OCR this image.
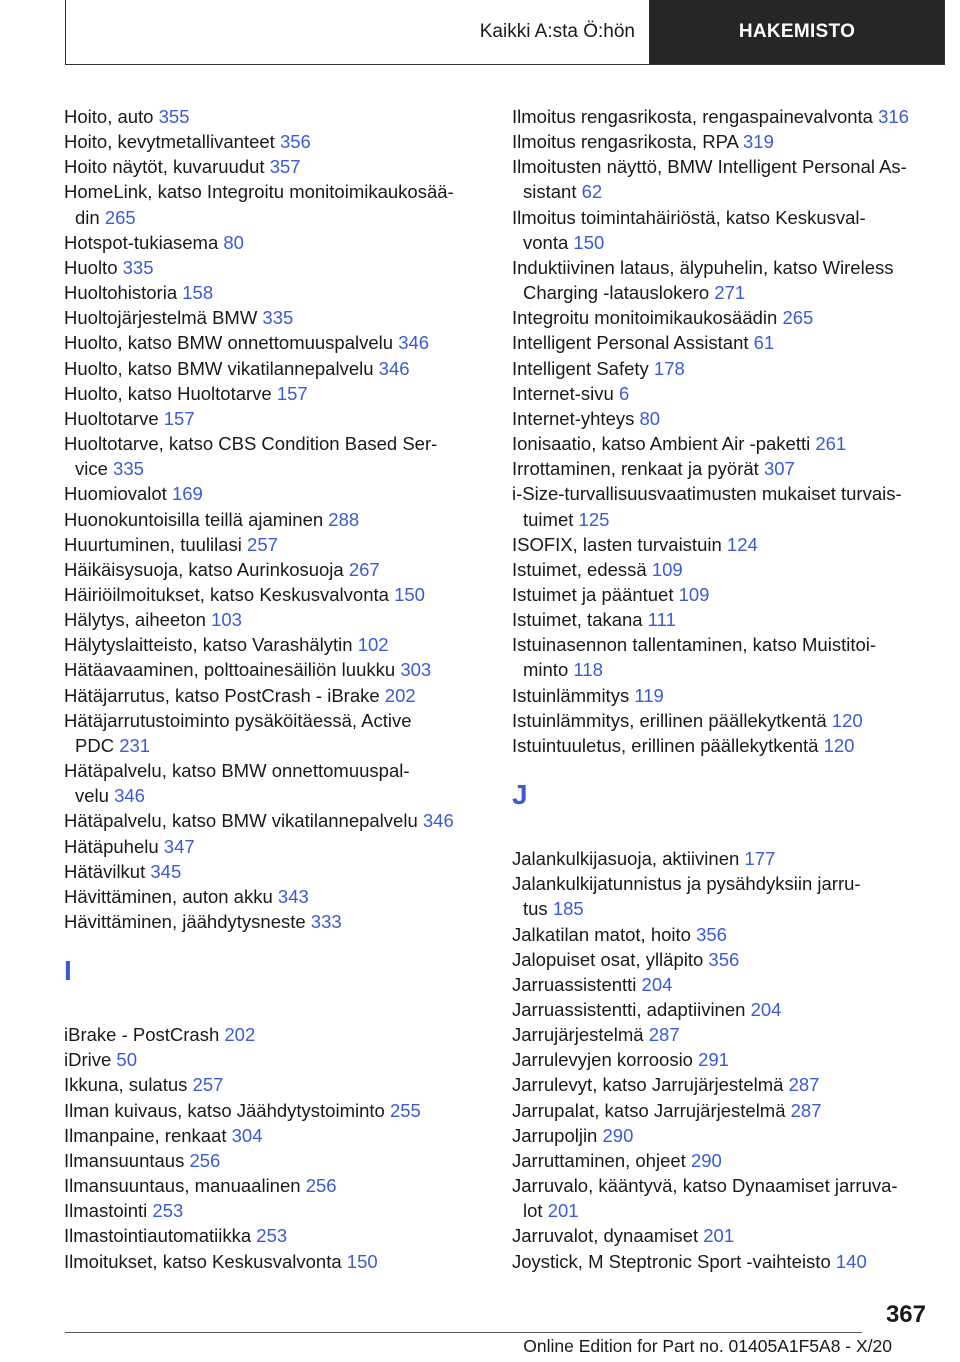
Kaikki A:sta Ö:hön	HAKEMISTO
Hoito, auto 355
Hoito, kevytmetallivanteet 356
Hoito näytöt, kuvaruudut 357
HomeLink, katso Integroitu monitoimikaukosää-
din 265
Hotspot-tukiasema 80
Huolto 335
Huoltohistoria 158
Huoltojärjestelmä BMW 335
Huolto, katso BMW onnettomuuspalvelu 346
Huolto, katso BMW vikatilannepalvelu 346
Huolto, katso Huoltotarve 157
Huoltotarve 157
Huoltotarve, katso CBS Condition Based Ser-
vice 335
Huomiovalot 169
Huonokuntoisilla teillä ajaminen 288
Huurtuminen, tuulilasi 257
Häikäisysuoja, katso Aurinkosuoja 267
Häiriöilmoitukset, katso Keskusvalvonta 150
Hälytys, aiheeton 103
Hälytyslaitteisto, katso Varashälytin 102
Hätäavaaminen, polttoainesäiliön luukku 303
Hätäjarrutus, katso PostCrash - iBrake 202
Hätäjarrutustoiminto pysäköitäessä, Active
PDC 231
Hätäpalvelu, katso BMW onnettomuuspal-
velu 346
Hätäpalvelu, katso BMW vikatilannepalvelu 346
Hätäpuhelu 347
Hätävilkut 345
Hävittäminen, auton akku 343
Hävittäminen, jäähdytysneste 333
I
iBrake - PostCrash 202
iDrive 50
Ikkuna, sulatus 257
Ilman kuivaus, katso Jäähdytystoiminto 255
Ilmanpaine, renkaat 304
Ilmansuuntaus 256
Ilmansuuntaus, manuaalinen 256
Ilmastointi 253
Ilmastointiautomatiikka 253
Ilmoitukset, katso Keskusvalvonta 150
Ilmoitus rengasrikosta, rengaspainevalvonta 316
Ilmoitus rengasrikosta, RPA 319
Ilmoitusten näyttö, BMW Intelligent Personal As-
sistant 62
Ilmoitus toimintahäiriöstä, katso Keskusval-
vonta 150
Induktiivinen lataus, älypuhelin, katso Wireless
Charging -latauslokero 271
Integroitu monitoimikaukosäädin 265
Intelligent Personal Assistant 61
Intelligent Safety 178
Internet-sivu 6
Internet-yhteys 80
Ionisaatio, katso Ambient Air -paketti 261
Irrottaminen, renkaat ja pyörät 307
i-Size-turvallisuusvaatimusten mukaiset turvais-
tuimet 125
ISOFIX, lasten turvaistuin 124
Istuimet, edessä 109
Istuimet ja pääntuet 109
Istuimet, takana 111
Istuinasennon tallentaminen, katso Muistitoi-
minto 118
Istuinlämmitys 119
Istuinlämmitys, erillinen päällekytkentä 120
Istuintuuletus, erillinen päällekytkentä 120
J
Jalankulkijasuoja, aktiivinen 177
Jalankulkijatunnistus ja pysähdyksiin jarru-
tus 185
Jalkatilan matot, hoito 356
Jalopuiset osat, ylläpito 356
Jarruassistentti 204
Jarruassistentti, adaptiivinen 204
Jarrujärjestelmä 287
Jarrulevyjen korroosio 291
Jarrulevyt, katso Jarrujärjestelmä 287
Jarrupalat, katso Jarrujärjestelmä 287
Jarrupoljin 290
Jarruttaminen, ohjeet 290
Jarruvalo, kääntyvä, katso Dynaamiset jarruva-
lot 201
Jarruvalot, dynaamiset 201
Joystick, M Steptronic Sport -vaihteisto 140
367
Online Edition for Part no. 01405A1F5A8 - X/20
